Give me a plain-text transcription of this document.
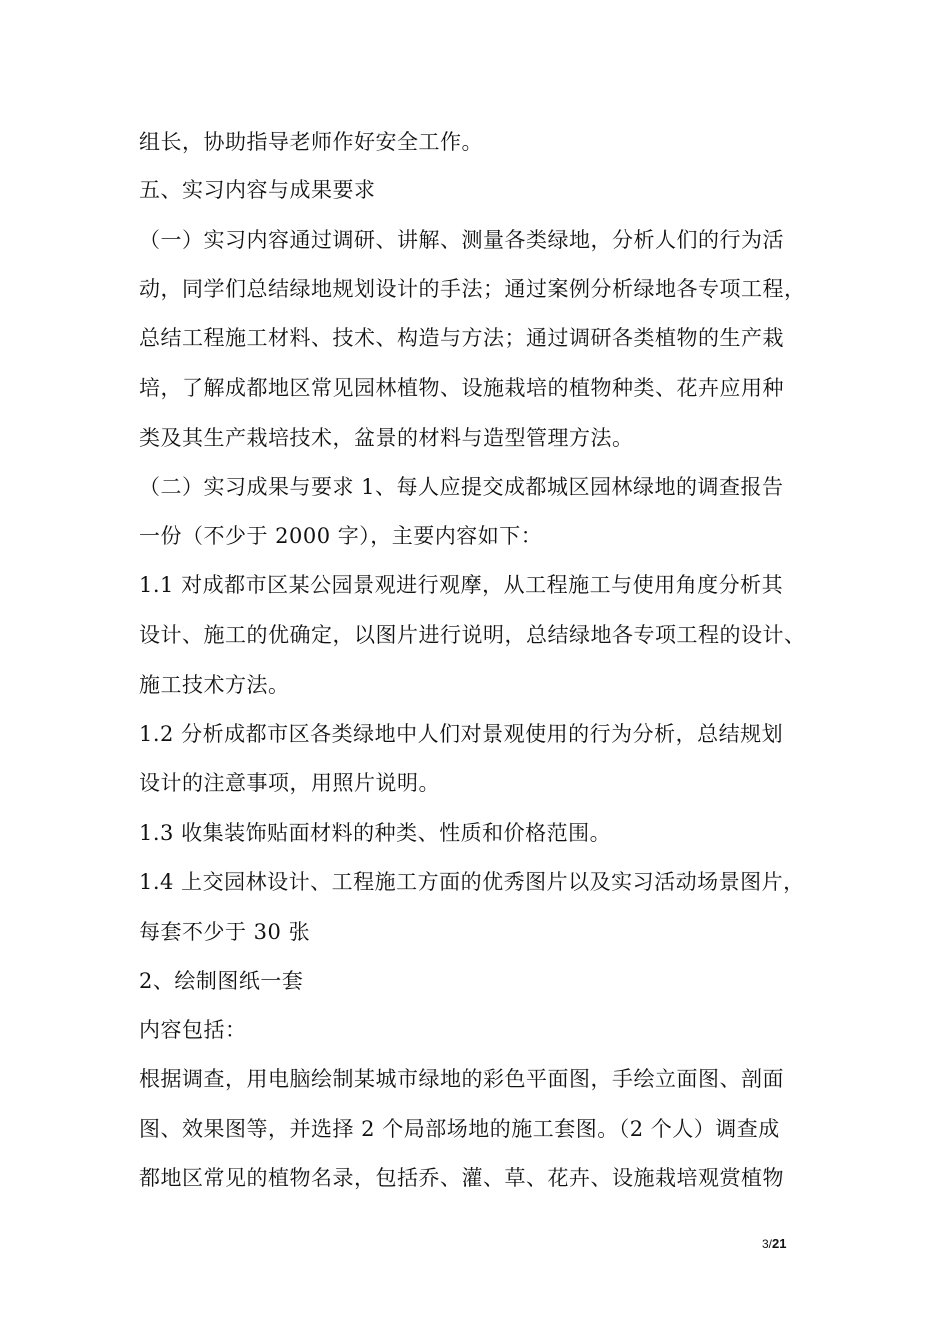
组长，协助指导老师作好安全工作。
五、实习内容与成果要求
（一）实习内容通过调研、讲解、测量各类绿地，分析人们的行为活
动，同学们总结绿地规划设计的手法；通过案例分析绿地各专项工程，
总结工程施工材料、技术、构造与方法；通过调研各类植物的生产栽
培，了解成都地区常见园林植物、设施栽培的植物种类、花卉应用种
类及其生产栽培技术，盆景的材料与造型管理方法。
（二）实习成果与要求 1、每人应提交成都城区园林绿地的调查报告
一份（不少于 2000 字），主要内容如下：
1.1 对成都市区某公园景观进行观摩，从工程施工与使用角度分析其
设计、施工的优确定，以图片进行说明，总结绿地各专项工程的设计、
施工技术方法。
1.2 分析成都市区各类绿地中人们对景观使用的行为分析，总结规划
设计的注意事项，用照片说明。
1.3 收集装饰贴面材料的种类、性质和价格范围。
1.4 上交园林设计、工程施工方面的优秀图片以及实习活动场景图片，
每套不少于 30 张
2、绘制图纸一套
内容包括：
根据调查，用电脑绘制某城市绿地的彩色平面图，手绘立面图、剖面
图、效果图等，并选择 2 个局部场地的施工套图。（2 个人）调查成
都地区常见的植物名录，包括乔、灌、草、花卉、设施栽培观赏植物
3/21
